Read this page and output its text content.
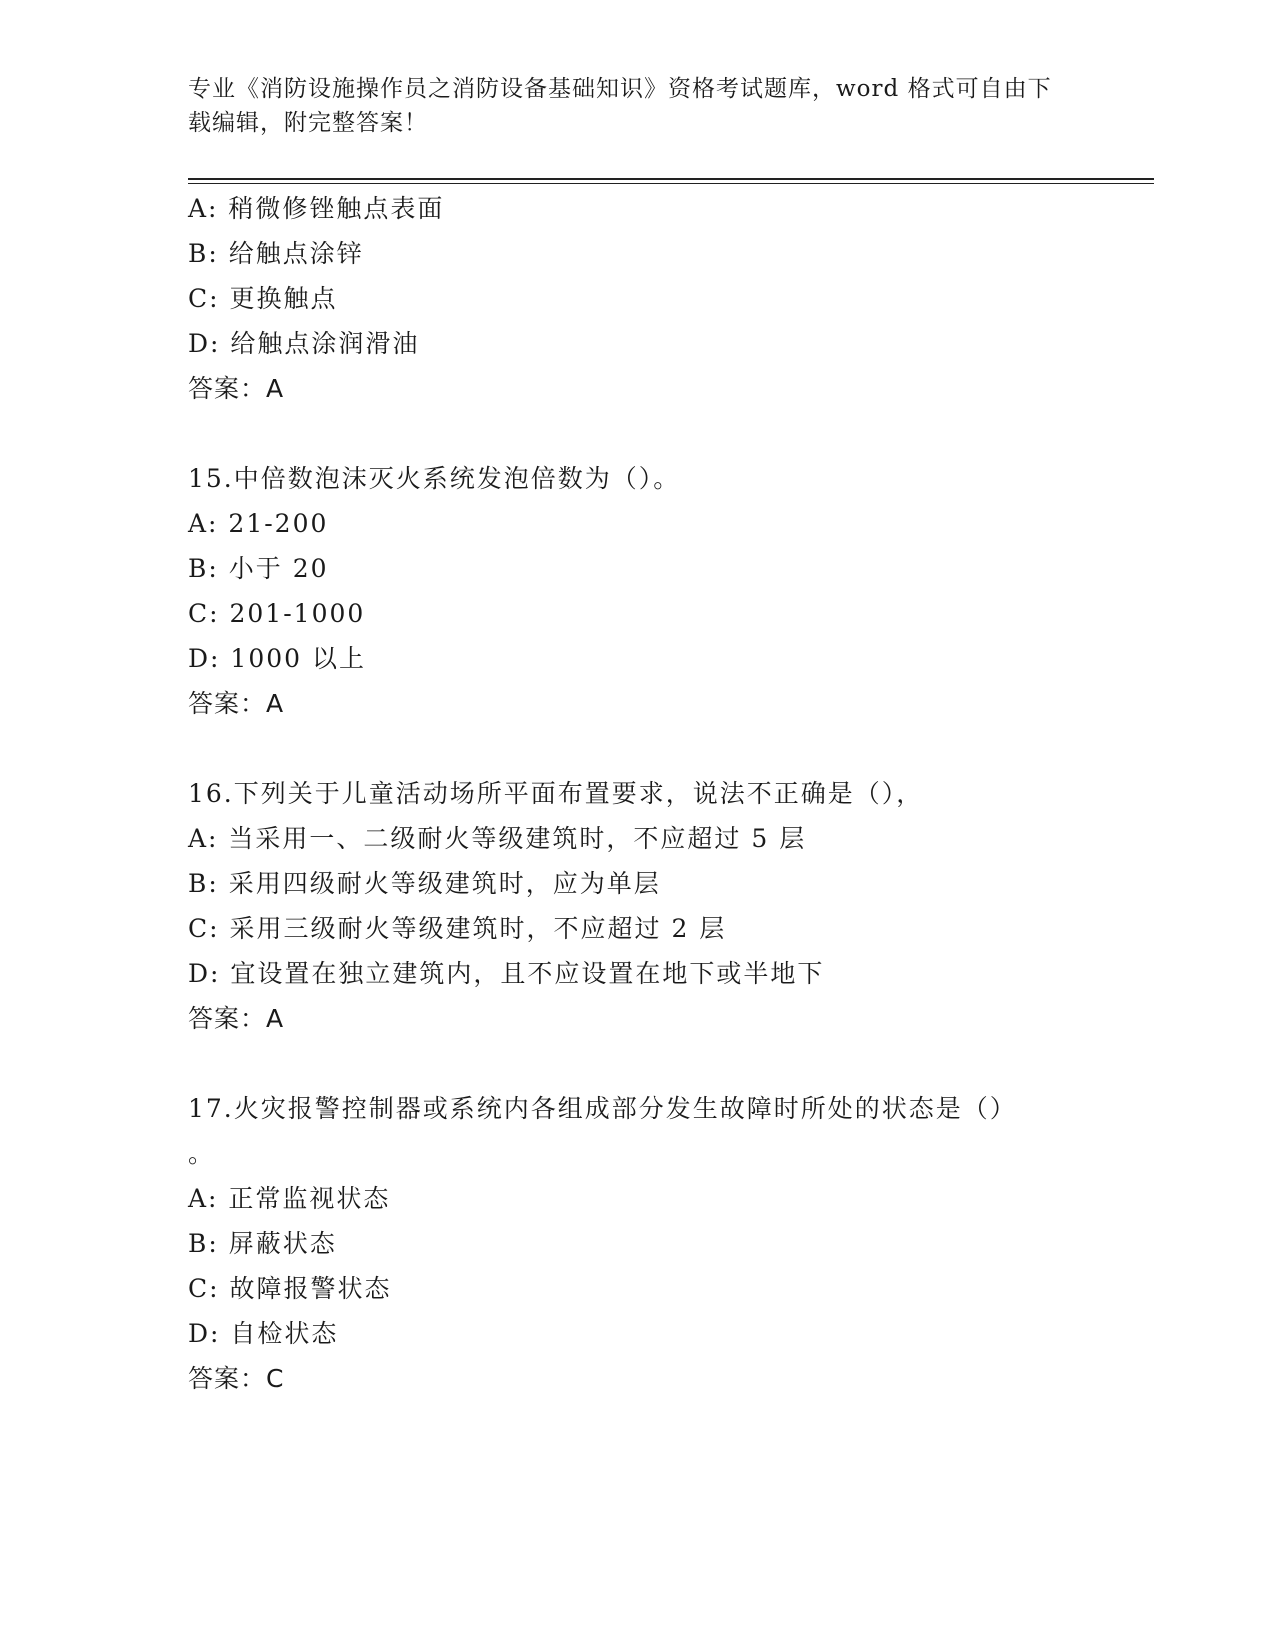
专业《消防设施操作员之消防设备基础知识》资格考试题库，word 格式可自由下
载编辑，附完整答案！
A: 稍微修锉触点表面
B: 给触点涂锌
C: 更换触点
D: 给触点涂润滑油
答案：A
15.中倍数泡沫灭火系统发泡倍数为（）。
A: 21-200
B: 小于 20
C: 201-1000
D: 1000 以上
答案：A
16.下列关于儿童活动场所平面布置要求，说法不正确是（），
A: 当采用一、二级耐火等级建筑时，不应超过 5 层
B: 采用四级耐火等级建筑时，应为单层
C: 采用三级耐火等级建筑时，不应超过 2 层
D: 宜设置在独立建筑内，且不应设置在地下或半地下
答案：A
17.火灾报警控制器或系统内各组成部分发生故障时所处的状态是（）
。
A: 正常监视状态
B: 屏蔽状态
C: 故障报警状态
D: 自检状态
答案：C
